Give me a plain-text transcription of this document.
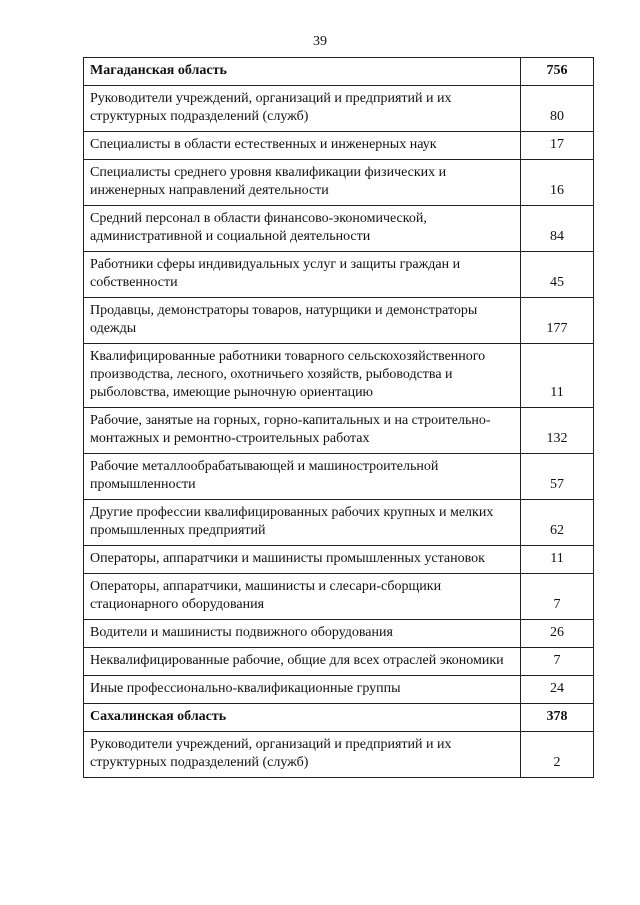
39
Магаданская область	756
Руководители учреждений, организаций и предприятий и их структурных подразделений (служб)	80
Специалисты в области естественных и инженерных наук	17
Специалисты среднего уровня квалификации физических и инженерных направлений деятельности	16
Средний персонал в области финансово-экономической, административной и социальной деятельности	84
Работники сферы индивидуальных услуг и защиты граждан и собственности	45
Продавцы, демонстраторы товаров, натурщики и демонстраторы одежды	177
Квалифицированные работники товарного сельскохозяйственного производства, лесного, охотничьего хозяйств, рыбоводства и рыболовства, имеющие рыночную ориентацию	11
Рабочие, занятые на горных, горно-капитальных и на строительно-монтажных и ремонтно-строительных работах	132
Рабочие металлообрабатывающей и машиностроительной промышленности	57
Другие профессии квалифицированных рабочих крупных и мелких промышленных предприятий	62
Операторы, аппаратчики и машинисты промышленных установок	11
Операторы, аппаратчики, машинисты и слесари-сборщики стационарного оборудования	7
Водители и машинисты подвижного оборудования	26
Неквалифицированные рабочие, общие для всех отраслей экономики	7
Иные профессионально-квалификационные группы	24
Сахалинская область	378
Руководители учреждений, организаций и предприятий и их структурных подразделений (служб)	2
